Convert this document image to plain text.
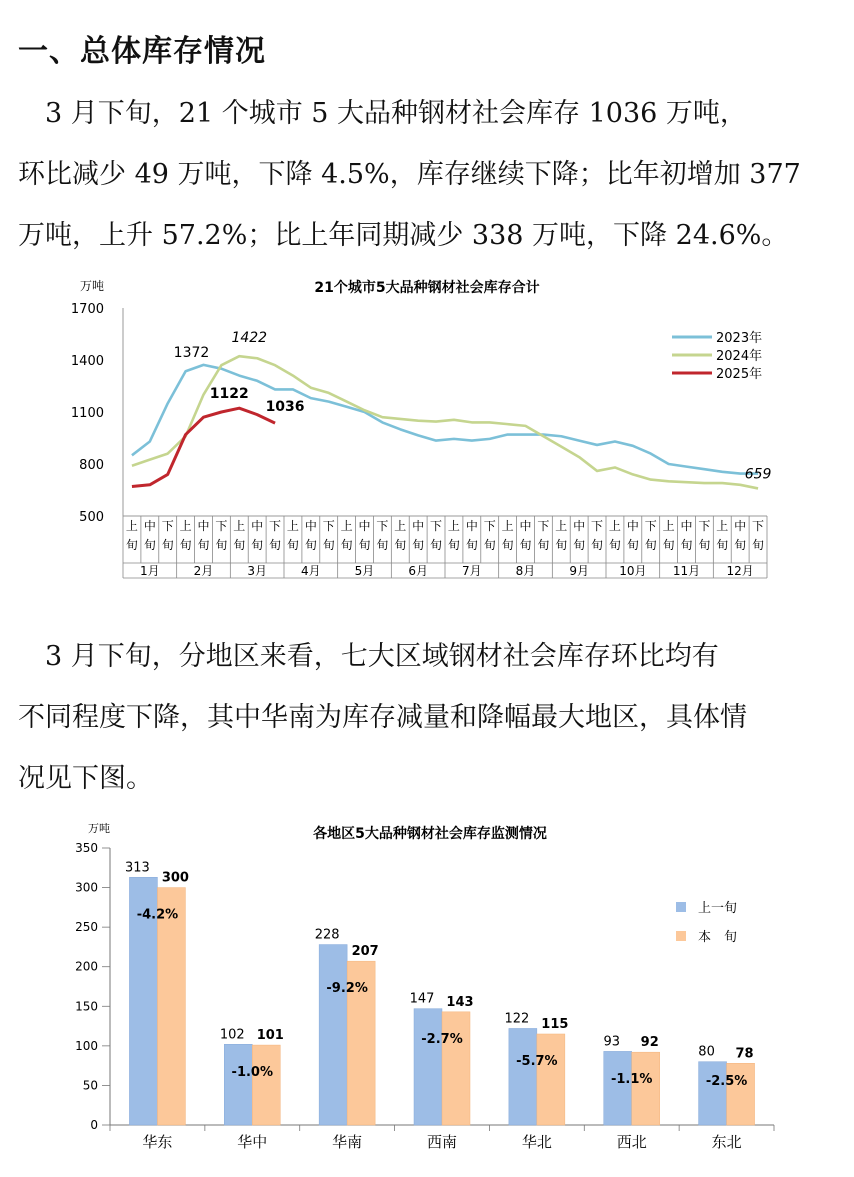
一、总体库存情况

　3 月下旬，21 个城市 5 大品种钢材社会库存 1036 万吨，
环比减少 49 万吨，下降 4.5%，库存继续下降；比年初增加 377
万吨，上升 57.2%；比上年同期减少 338 万吨，下降 24.6%。

21个城市5大品种钢材社会库存合计
万吨
500
800
1100
1400
1700
上
旬
中
旬
下
旬
上
旬
中
旬
下
旬
上
旬
中
旬
下
旬
上
旬
中
旬
下
旬
上
旬
中
旬
下
旬
上
旬
中
旬
下
旬
上
旬
中
旬
下
旬
上
旬
中
旬
下
旬
上
旬
中
旬
下
旬
上
旬
中
旬
下
旬
上
旬
中
旬
下
旬
上
旬
中
旬
下
旬
1月	2月	3月	4月	5月	6月	7月	8月	9月	10月 11月 12月
2023年
2024年
2025年
1372
1422
1122
1036
659

　3 月下旬，分地区来看，七大区域钢材社会库存环比均有
不同程度下降，其中华南为库存减量和降幅最大地区，具体情
况见下图。

各地区5大品种钢材社会库存监测情况
万吨
0
50
100
150
200
250
300
350
313
300
-4.2%
华东
102 101
-1.0%
华中
228
207
-9.2%
华南
147 143
-2.7%
西南
122 115
-5.7%
华北
93 92
-1.1%
西北
80 78
-2.5%
东北
上一旬
本　旬
